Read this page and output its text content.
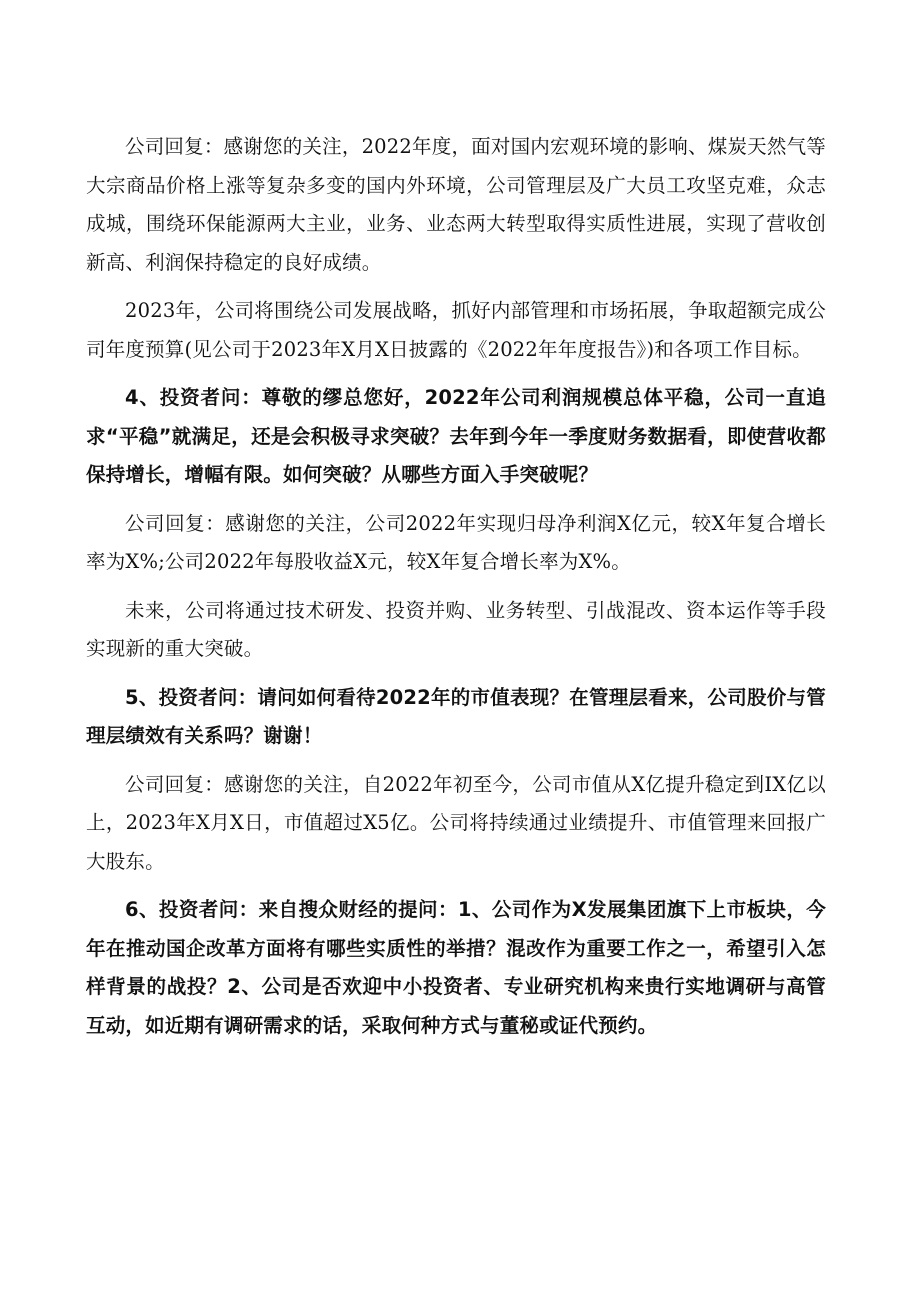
公司回复：感谢您的关注，2022年度，面对国内宏观环境的影响、煤炭天然气等大宗商品价格上涨等复杂多变的国内外环境，公司管理层及广大员工攻坚克难，众志成城，围绕环保能源两大主业，业务、业态两大转型取得实质性进展，实现了营收创新高、利润保持稳定的良好成绩。

2023年，公司将围绕公司发展战略，抓好内部管理和市场拓展，争取超额完成公司年度预算(见公司于2023年X月X日披露的《2022年年度报告》)和各项工作目标。

4、投资者问：尊敬的缪总您好，2022年公司利润规模总体平稳，公司一直追求“平稳”就满足，还是会积极寻求突破？去年到今年一季度财务数据看，即使营收都保持增长，增幅有限。如何突破？从哪些方面入手突破呢？

公司回复：感谢您的关注，公司2022年实现归母净利润X亿元，较X年复合增长率为X%;公司2022年每股收益X元，较X年复合增长率为X%。

未来，公司将通过技术研发、投资并购、业务转型、引战混改、资本运作等手段实现新的重大突破。

5、投资者问：请问如何看待2022年的市值表现？在管理层看来，公司股价与管理层绩效有关系吗？谢谢！

公司回复：感谢您的关注，自2022年初至今，公司市值从X亿提升稳定到IX亿以上，2023年X月X日，市值超过X5亿。公司将持续通过业绩提升、市值管理来回报广大股东。

6、投资者问：来自搜众财经的提问：1、公司作为X发展集团旗下上市板块，今年在推动国企改革方面将有哪些实质性的举措？混改作为重要工作之一，希望引入怎样背景的战投？2、公司是否欢迎中小投资者、专业研究机构来贵行实地调研与高管互动，如近期有调研需求的话，采取何种方式与董秘或证代预约。
